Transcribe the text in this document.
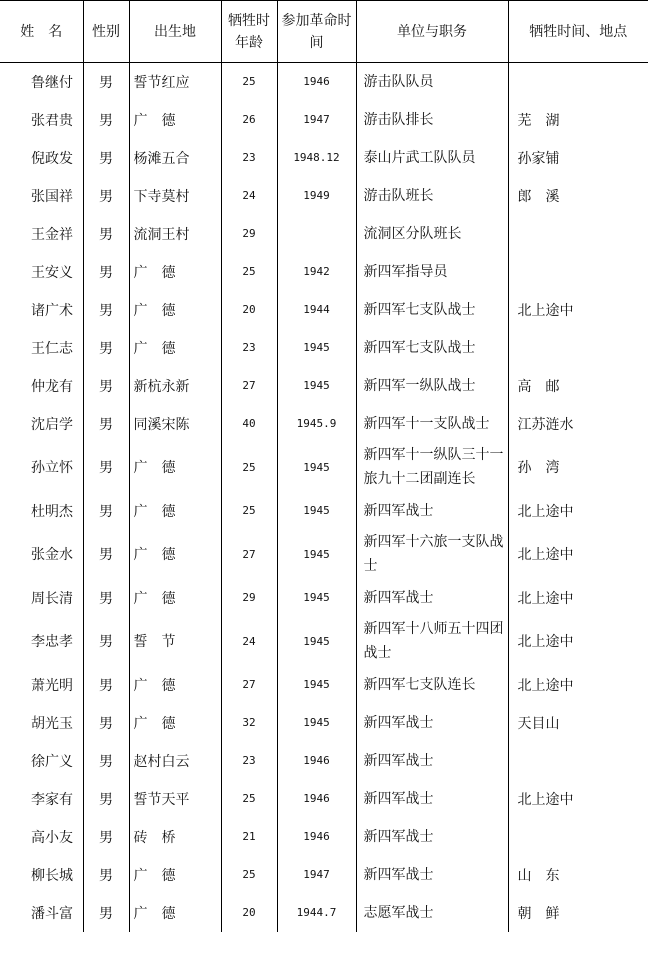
姓　名	性别	出生地	牺牲时年龄	参加革命时间	单位与职务	牺牲时间、地点
鲁继付	男	誓节红应	25	1946	游击队队员	
张君贵	男	广　德	26	1947	游击队排长	芜　湖
倪政发	男	杨滩五合	23	1948.12	泰山片武工队队员	孙家铺
张国祥	男	下寺莫村	24	1949	游击队班长	郎　溪
王金祥	男	流洞王村	29		流洞区分队班长	
王安义	男	广　德	25	1942	新四军指导员	
诸广术	男	广　德	20	1944	新四军七支队战士	北上途中
王仁志	男	广　德	23	1945	新四军七支队战士	
仲龙有	男	新杭永新	27	1945	新四军一纵队战士	高　邮
沈启学	男	同溪宋陈	40	1945.9	新四军十一支队战士	江苏涟水
孙立怀	男	广　德	25	1945	新四军十一纵队三十一旅九十二团副连长	孙　湾
杜明杰	男	广　德	25	1945	新四军战士	北上途中
张金水	男	广　德	27	1945	新四军十六旅一支队战士	北上途中
周长清	男	广　德	29	1945	新四军战士	北上途中
李忠孝	男	誓　节	24	1945	新四军十八师五十四团战士	北上途中
萧光明	男	广　德	27	1945	新四军七支队连长	北上途中
胡光玉	男	广　德	32	1945	新四军战士	天目山
徐广义	男	赵村白云	23	1946	新四军战士	
李家有	男	誓节天平	25	1946	新四军战士	北上途中
高小友	男	砖　桥	21	1946	新四军战士	
柳长城	男	广　德	25	1947	新四军战士	山　东
潘斗富	男	广　德	20	1944.7	志愿军战士	朝　鲜
